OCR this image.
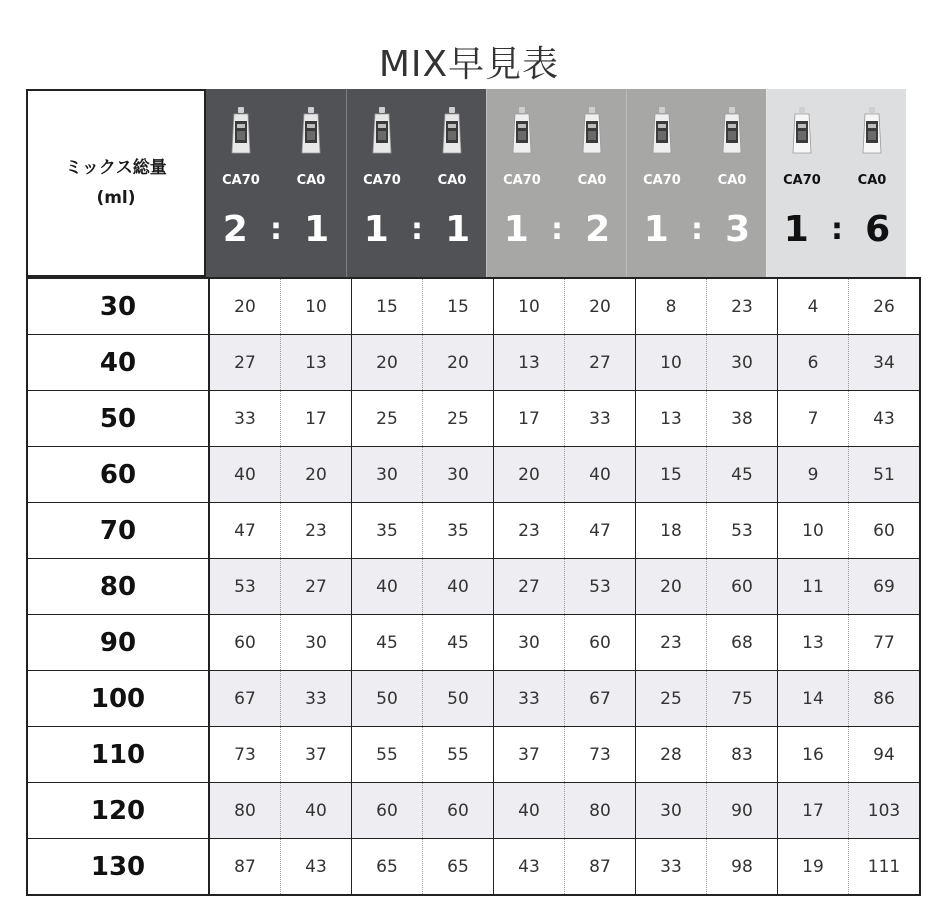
MIX早見表
ミックス総量
(ml)
CA70	CA0
2 : 1
CA70	CA0
1 : 1
CA70	CA0
1 : 2
CA70	CA0
1 : 3
CA70	CA0
1 : 6
30	20	10	15	15	10	20	8	23	4	26
40	27	13	20	20	13	27	10	30	6	34
50	33	17	25	25	17	33	13	38	7	43
60	40	20	30	30	20	40	15	45	9	51
70	47	23	35	35	23	47	18	53	10	60
80	53	27	40	40	27	53	20	60	11	69
90	60	30	45	45	30	60	23	68	13	77
100	67	33	50	50	33	67	25	75	14	86
110	73	37	55	55	37	73	28	83	16	94
120	80	40	60	60	40	80	30	90	17	103
130	87	43	65	65	43	87	33	98	19	111
